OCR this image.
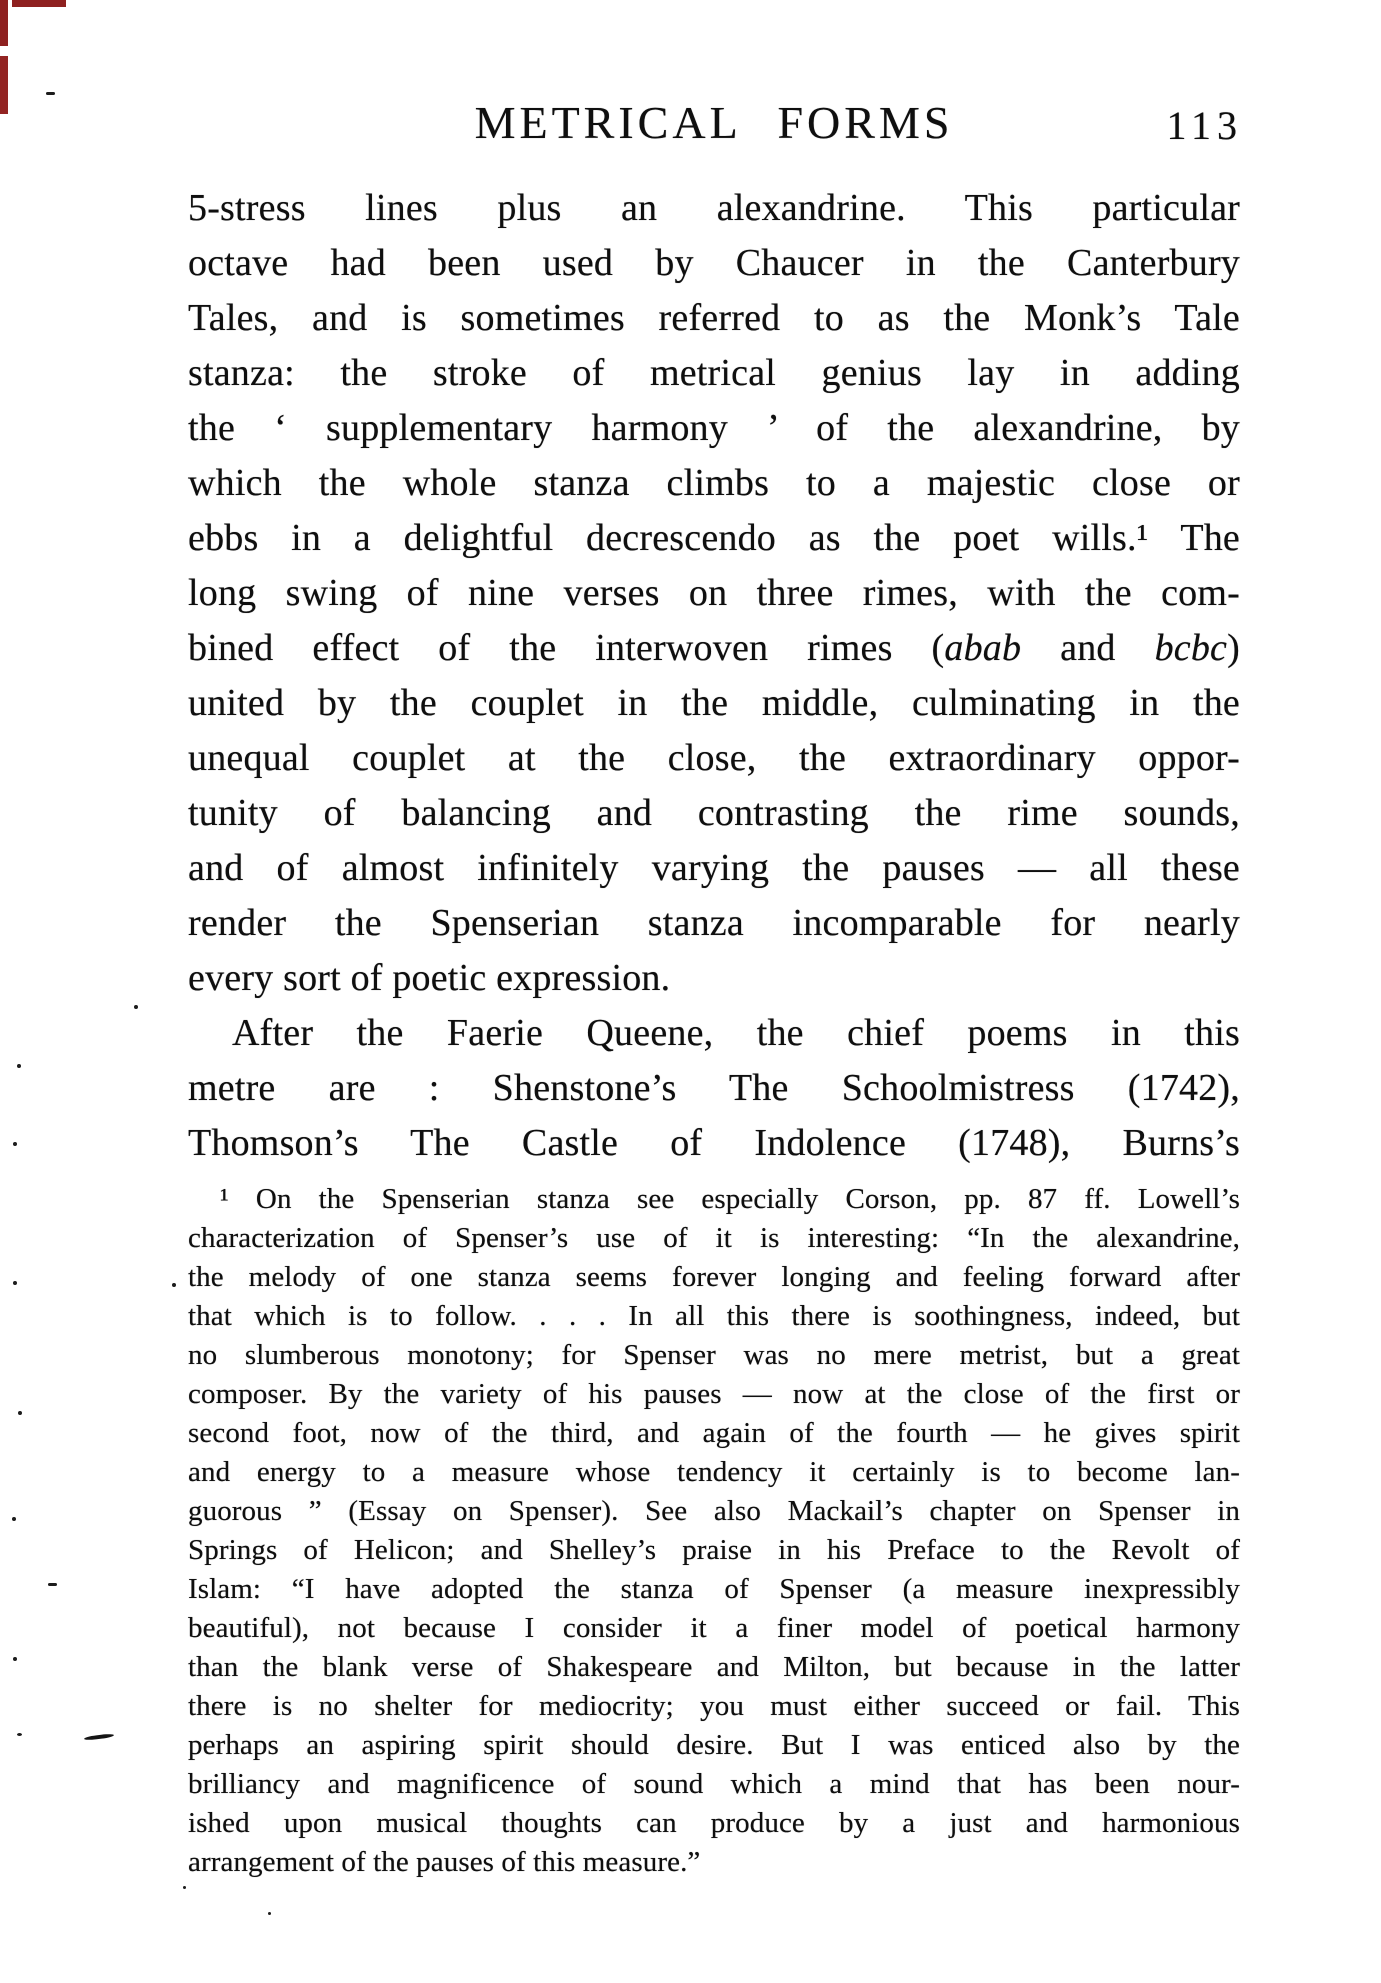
METRICAL FORMS	113
5-stress lines plus an alexandrine. This particular
octave had been used by Chaucer in the Canterbury
Tales, and is sometimes referred to as the Monk’s Tale
stanza: the stroke of metrical genius lay in adding
the ‘ supplementary harmony ’ of the alexandrine, by
which the whole stanza climbs to a majestic close or
ebbs in a delightful decrescendo as the poet wills.¹ The
long swing of nine verses on three rimes, with the com-
bined effect of the interwoven rimes (abab and bcbc)
united by the couplet in the middle, culminating in the
unequal couplet at the close, the extraordinary oppor-
tunity of balancing and contrasting the rime sounds,
and of almost infinitely varying the pauses — all these
render the Spenserian stanza incomparable for nearly
every sort of poetic expression.
After the Faerie Queene, the chief poems in this
metre are : Shenstone’s The Schoolmistress (1742),
Thomson’s The Castle of Indolence (1748), Burns’s
¹ On the Spenserian stanza see especially Corson, pp. 87 ff. Lowell’s
characterization of Spenser’s use of it is interesting: “In the alexandrine,
the melody of one stanza seems forever longing and feeling forward after
that which is to follow. . . . In all this there is soothingness, indeed, but
no slumberous monotony; for Spenser was no mere metrist, but a great
composer. By the variety of his pauses — now at the close of the first or
second foot, now of the third, and again of the fourth — he gives spirit
and energy to a measure whose tendency it certainly is to become lan-
guorous ” (Essay on Spenser). See also Mackail’s chapter on Spenser in
Springs of Helicon; and Shelley’s praise in his Preface to the Revolt of
Islam: “I have adopted the stanza of Spenser (a measure inexpressibly
beautiful), not because I consider it a finer model of poetical harmony
than the blank verse of Shakespeare and Milton, but because in the latter
there is no shelter for mediocrity; you must either succeed or fail. This
perhaps an aspiring spirit should desire. But I was enticed also by the
brilliancy and magnificence of sound which a mind that has been nour-
ished upon musical thoughts can produce by a just and harmonious
arrangement of the pauses of this measure.”
